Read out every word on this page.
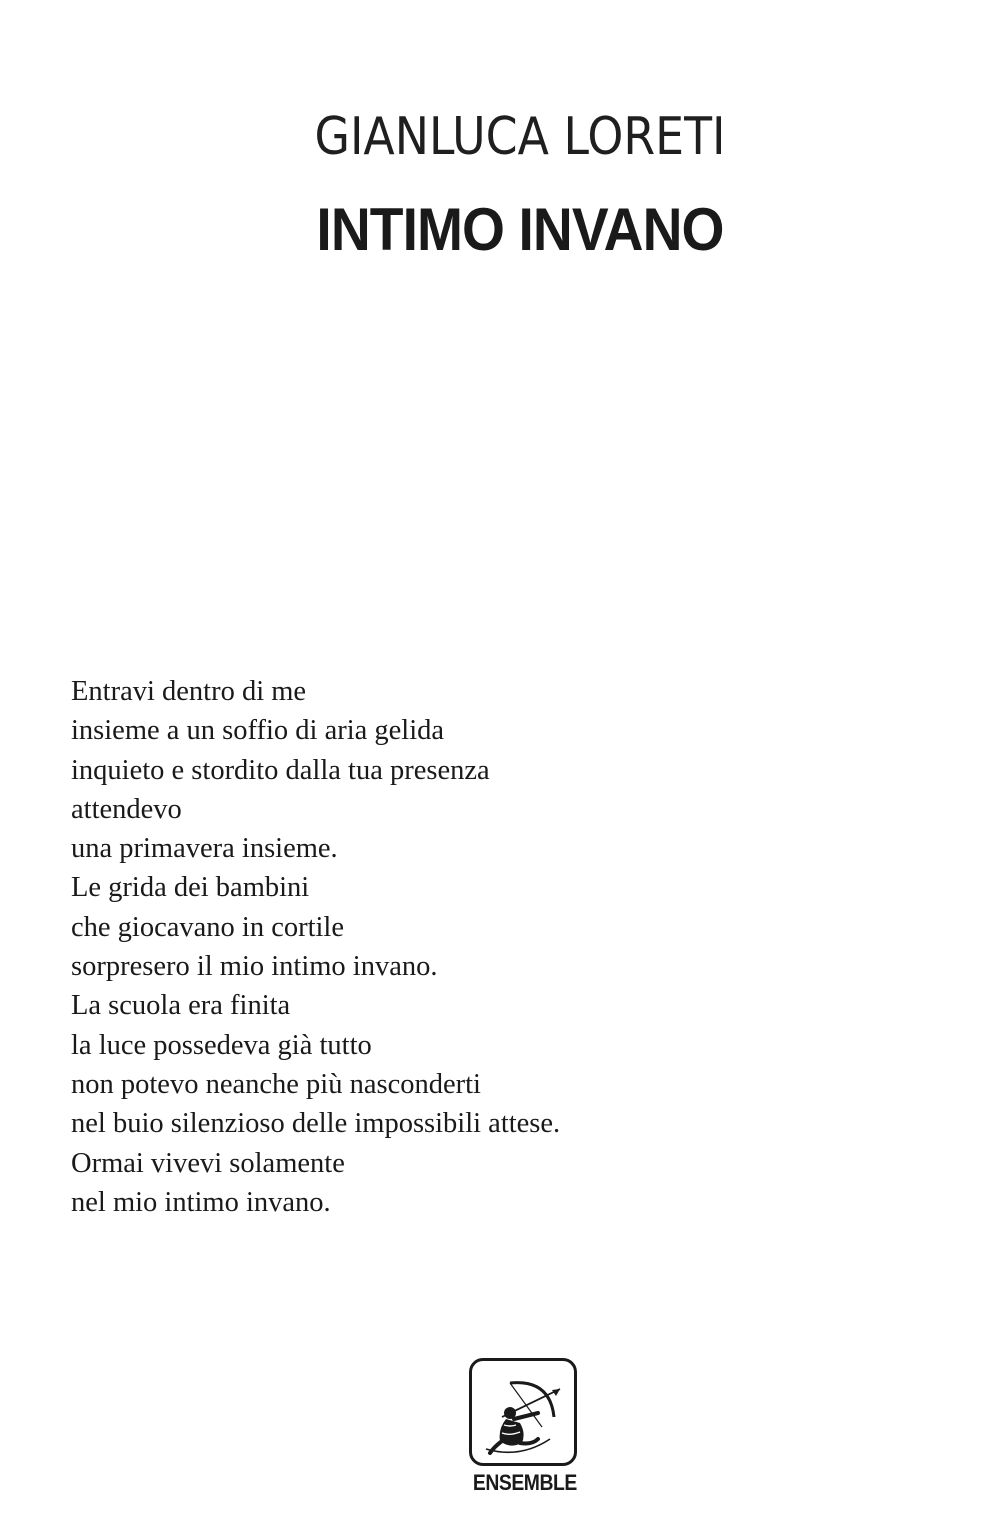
GIANLUCA LORETI
INTIMO INVANO
Entravi dentro di me
insieme a un soffio di aria gelida
inquieto e stordito dalla tua presenza
attendevo
una primavera insieme.
Le grida dei bambini
che giocavano in cortile
sorpresero il mio intimo invano.
La scuola era finita
la luce possedeva già tutto
non potevo neanche più nasconderti
nel buio silenzioso delle impossibili attese.
Ormai vivevi solamente
nel mio intimo invano.
ENSEMBLE
